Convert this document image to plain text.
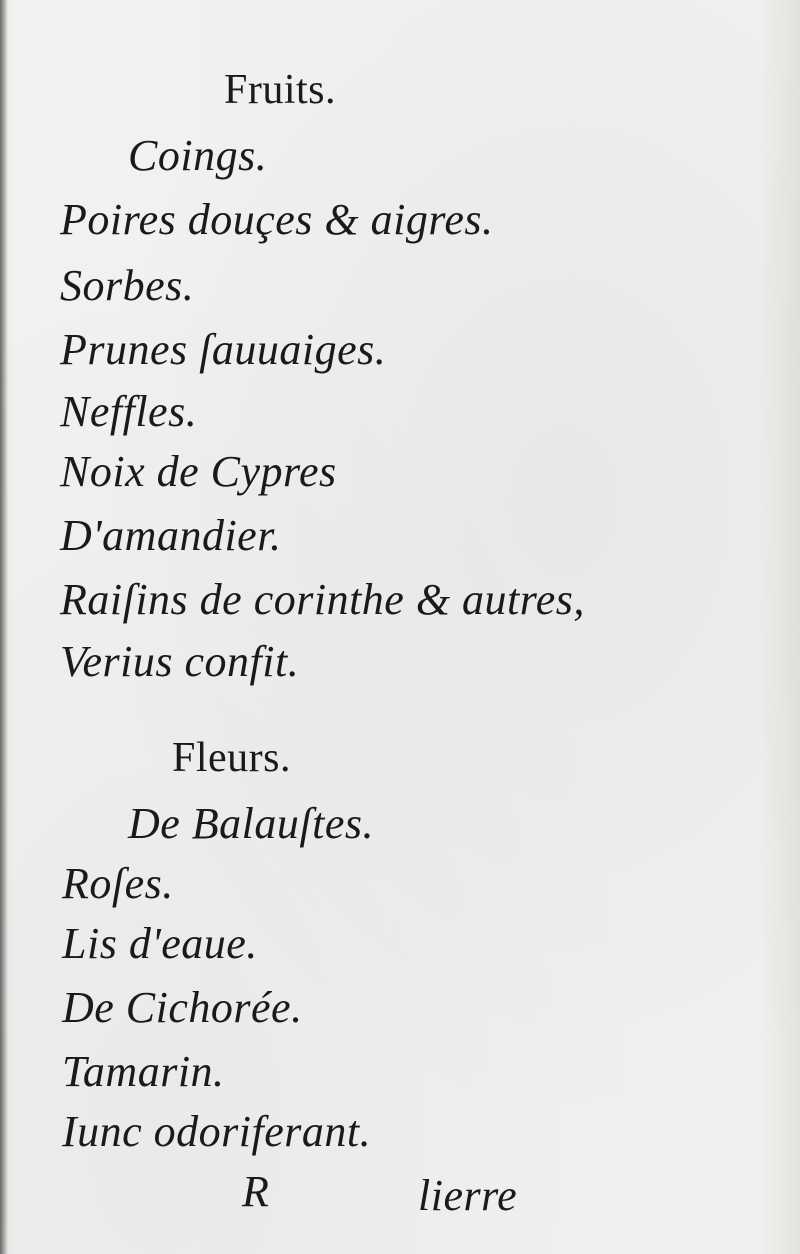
Fruits.
Coings.
Poires douçes & aigres.
Sorbes.
Prunes ſauuaiges.
Neffles.
Noix de Cypres
D'amandier.
Raiſins de corinthe & autres,
Verius confit.
Fleurs.
De Balauſtes.
Roſes.
Lis d'eaue.
De Cichorée.
Tamarin.
Iunc odoriferant.
R	lierre
